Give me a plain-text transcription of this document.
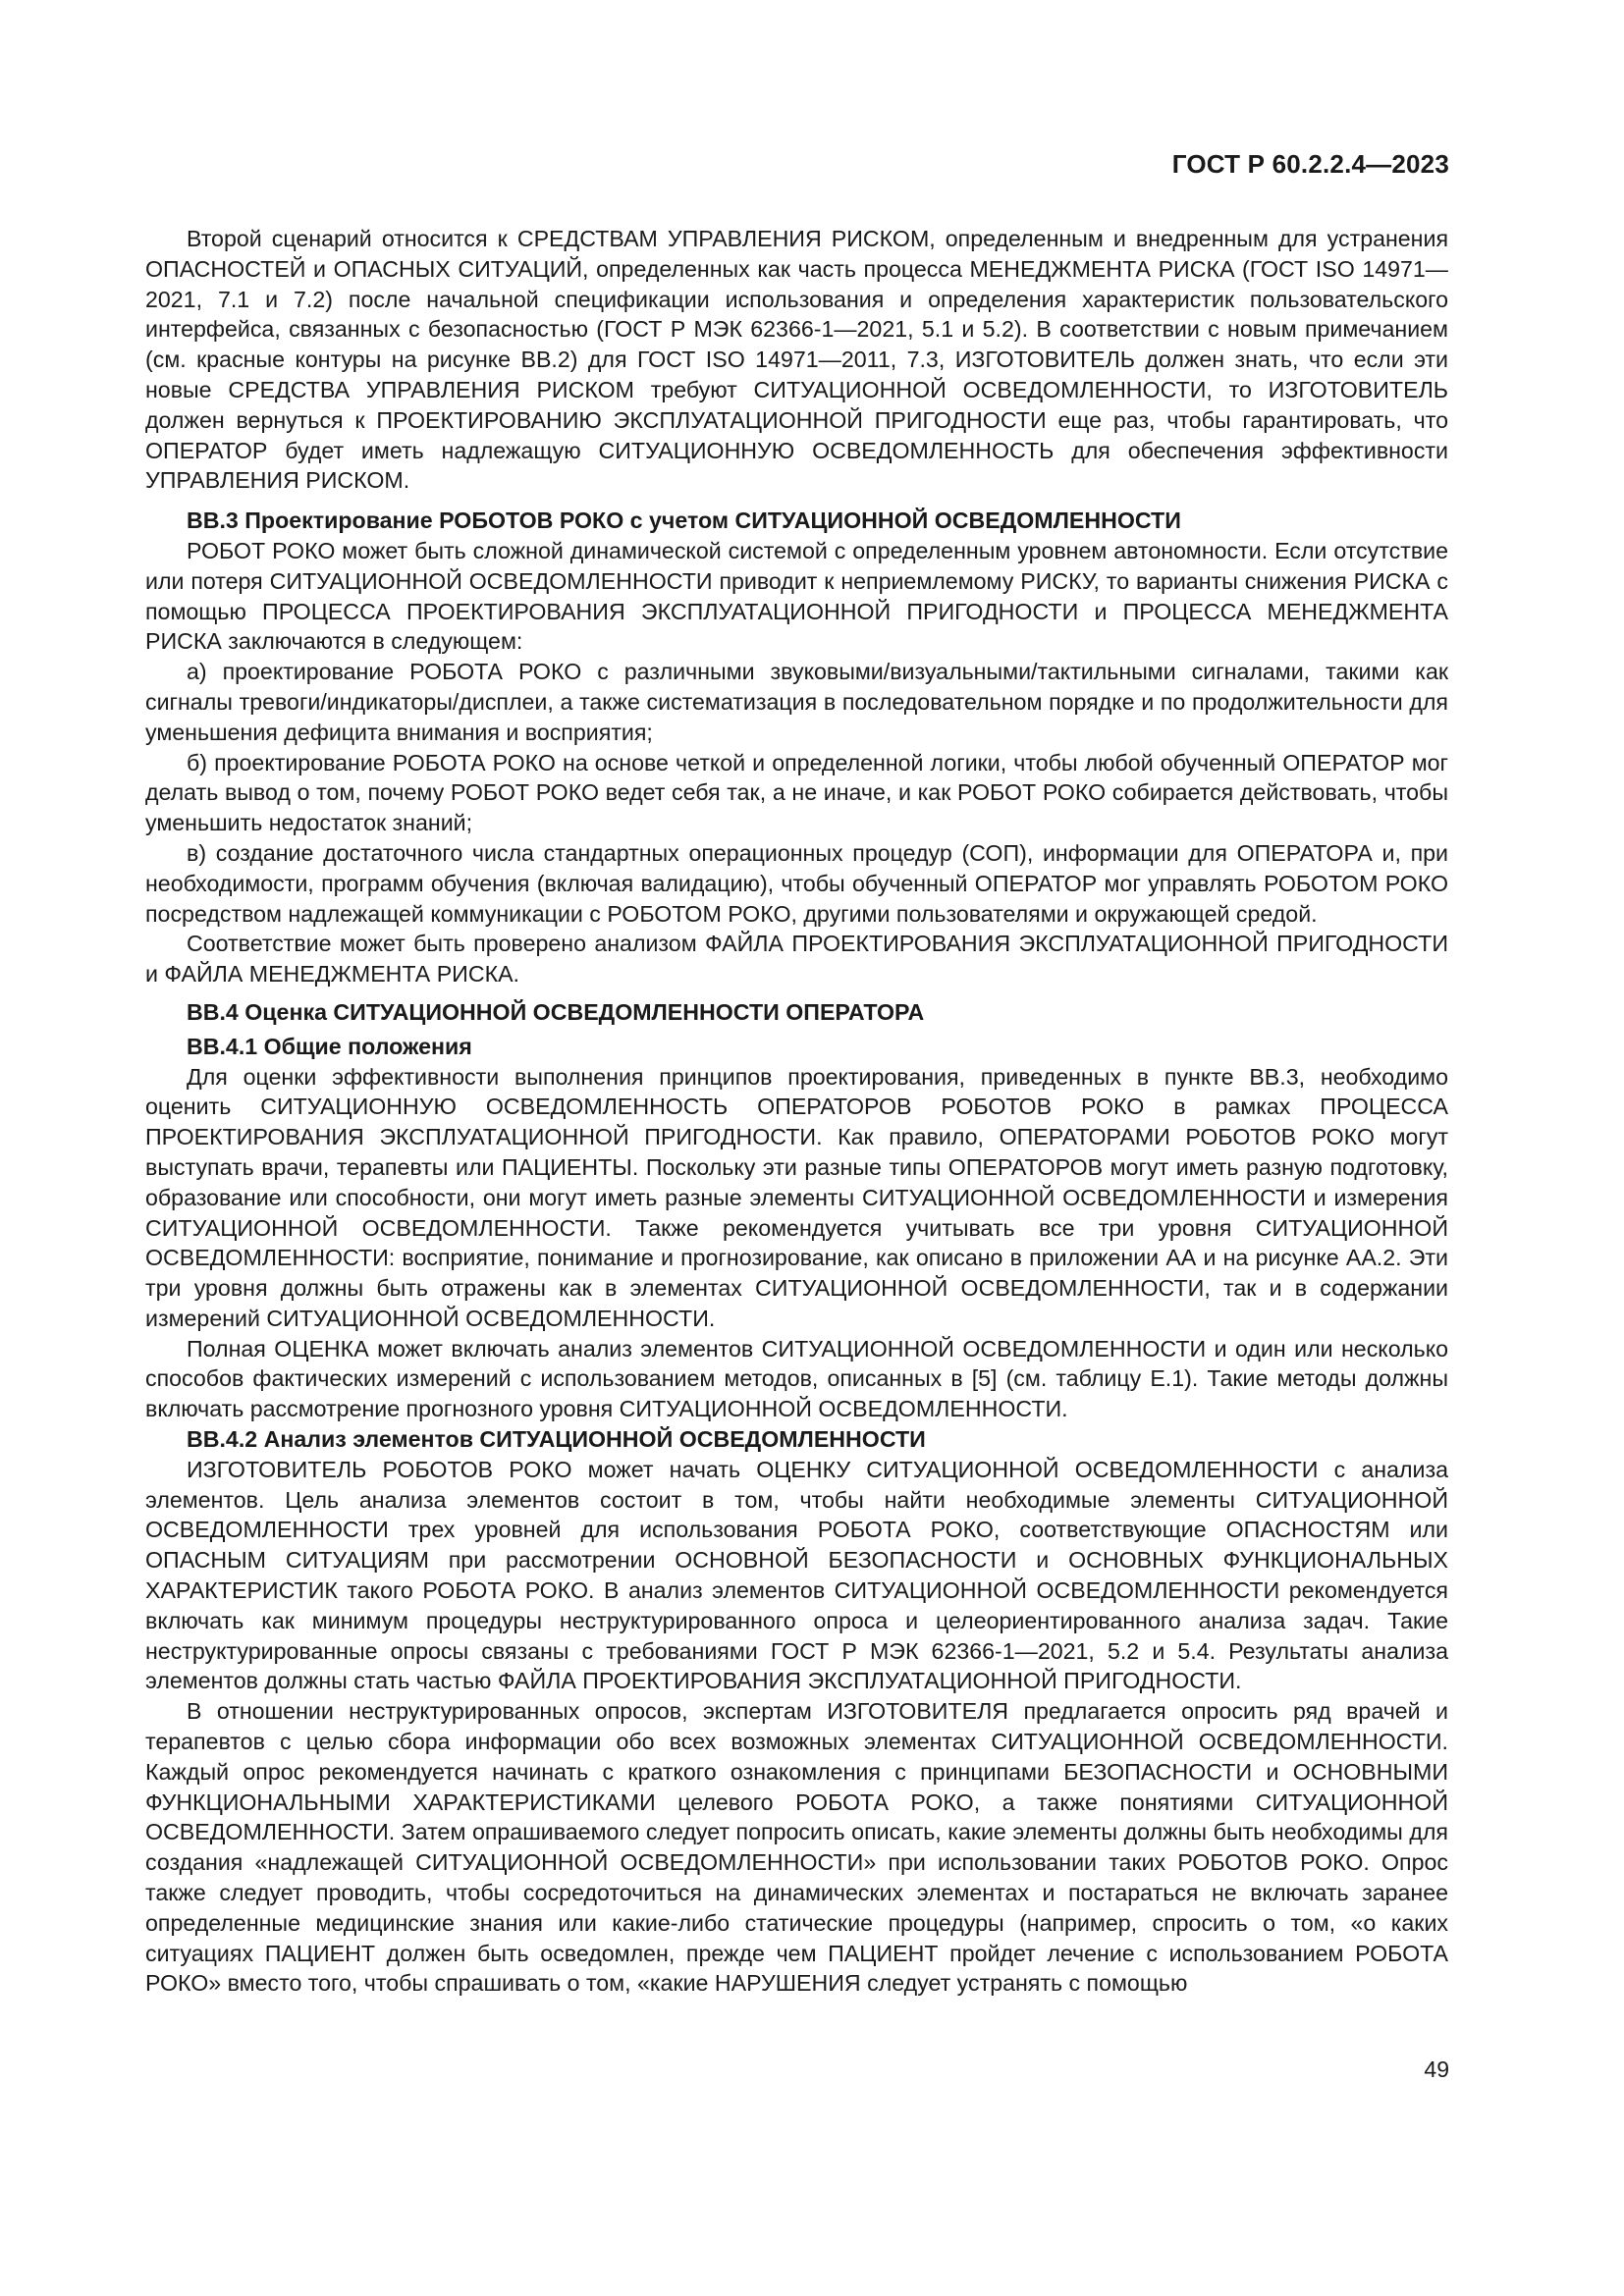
ГОСТ Р 60.2.2.4—2023

Второй сценарий относится к СРЕДСТВАМ УПРАВЛЕНИЯ РИСКОМ, определенным и внедренным для устранения ОПАСНОСТЕЙ и ОПАСНЫХ СИТУАЦИЙ, определенных как часть процесса МЕНЕДЖМЕНТА РИСКА (ГОСТ ISO 14971—2021, 7.1 и 7.2) после начальной спецификации использования и определения характеристик пользовательского интерфейса, связанных с безопасностью (ГОСТ Р МЭК 62366-1—2021, 5.1 и 5.2). В соответствии с новым примечанием (см. красные контуры на рисунке ВВ.2) для ГОСТ ISO 14971—2011, 7.3, ИЗГОТОВИТЕЛЬ должен знать, что если эти новые СРЕДСТВА УПРАВЛЕНИЯ РИСКОМ требуют СИТУАЦИОННОЙ ОСВЕДОМЛЕННОСТИ, то ИЗГОТОВИТЕЛЬ должен вернуться к ПРОЕКТИРОВАНИЮ ЭКСПЛУАТАЦИОННОЙ ПРИГОДНОСТИ еще раз, чтобы гарантировать, что ОПЕРАТОР будет иметь надлежащую СИТУАЦИОННУЮ ОСВЕДОМЛЕННОСТЬ для обеспечения эффективности УПРАВЛЕНИЯ РИСКОМ.

ВВ.3 Проектирование РОБОТОВ РОКО с учетом СИТУАЦИОННОЙ ОСВЕДОМЛЕННОСТИ

РОБОТ РОКО может быть сложной динамической системой с определенным уровнем автономности. Если отсутствие или потеря СИТУАЦИОННОЙ ОСВЕДОМЛЕННОСТИ приводит к неприемлемому РИСКУ, то варианты снижения РИСКА с помощью ПРОЦЕССА ПРОЕКТИРОВАНИЯ ЭКСПЛУАТАЦИОННОЙ ПРИГОДНОСТИ и ПРОЦЕССА МЕНЕДЖМЕНТА РИСКА заключаются в следующем:

а) проектирование РОБОТА РОКО с различными звуковыми/визуальными/тактильными сигналами, такими как сигналы тревоги/индикаторы/дисплеи, а также систематизация в последовательном порядке и по продолжительности для уменьшения дефицита внимания и восприятия;

б) проектирование РОБОТА РОКО на основе четкой и определенной логики, чтобы любой обученный ОПЕРАТОР мог делать вывод о том, почему РОБОТ РОКО ведет себя так, а не иначе, и как РОБОТ РОКО собирается действовать, чтобы уменьшить недостаток знаний;

в) создание достаточного числа стандартных операционных процедур (СОП), информации для ОПЕРАТОРА и, при необходимости, программ обучения (включая валидацию), чтобы обученный ОПЕРАТОР мог управлять РОБОТОМ РОКО посредством надлежащей коммуникации с РОБОТОМ РОКО, другими пользователями и окружающей средой.

Соответствие может быть проверено анализом ФАЙЛА ПРОЕКТИРОВАНИЯ ЭКСПЛУАТАЦИОННОЙ ПРИГОДНОСТИ и ФАЙЛА МЕНЕДЖМЕНТА РИСКА.

ВВ.4 Оценка СИТУАЦИОННОЙ ОСВЕДОМЛЕННОСТИ ОПЕРАТОРА
ВВ.4.1 Общие положения

Для оценки эффективности выполнения принципов проектирования, приведенных в пункте ВВ.3, необходимо оценить СИТУАЦИОННУЮ ОСВЕДОМЛЕННОСТЬ ОПЕРАТОРОВ РОБОТОВ РОКО в рамках ПРОЦЕССА ПРОЕКТИРОВАНИЯ ЭКСПЛУАТАЦИОННОЙ ПРИГОДНОСТИ. Как правило, ОПЕРАТОРАМИ РОБОТОВ РОКО могут выступать врачи, терапевты или ПАЦИЕНТЫ. Поскольку эти разные типы ОПЕРАТОРОВ могут иметь разную подготовку, образование или способности, они могут иметь разные элементы СИТУАЦИОННОЙ ОСВЕДОМЛЕННОСТИ и измерения СИТУАЦИОННОЙ ОСВЕДОМЛЕННОСТИ. Также рекомендуется учитывать все три уровня СИТУАЦИОННОЙ ОСВЕДОМЛЕННОСТИ: восприятие, понимание и прогнозирование, как описано в приложении АА и на рисунке АА.2. Эти три уровня должны быть отражены как в элементах СИТУАЦИОННОЙ ОСВЕДОМЛЕННОСТИ, так и в содержании измерений СИТУАЦИОННОЙ ОСВЕДОМЛЕННОСТИ.

Полная ОЦЕНКА может включать анализ элементов СИТУАЦИОННОЙ ОСВЕДОМЛЕННОСТИ и один или несколько способов фактических измерений с использованием методов, описанных в [5] (см. таблицу Е.1). Такие методы должны включать рассмотрение прогнозного уровня СИТУАЦИОННОЙ ОСВЕДОМЛЕННОСТИ.

ВВ.4.2 Анализ элементов СИТУАЦИОННОЙ ОСВЕДОМЛЕННОСТИ

ИЗГОТОВИТЕЛЬ РОБОТОВ РОКО может начать ОЦЕНКУ СИТУАЦИОННОЙ ОСВЕДОМЛЕННОСТИ с анализа элементов. Цель анализа элементов состоит в том, чтобы найти необходимые элементы СИТУАЦИОННОЙ ОСВЕДОМЛЕННОСТИ трех уровней для использования РОБОТА РОКО, соответствующие ОПАСНОСТЯМ или ОПАСНЫМ СИТУАЦИЯМ при рассмотрении ОСНОВНОЙ БЕЗОПАСНОСТИ и ОСНОВНЫХ ФУНКЦИОНАЛЬНЫХ ХАРАКТЕРИСТИК такого РОБОТА РОКО. В анализ элементов СИТУАЦИОННОЙ ОСВЕДОМЛЕННОСТИ рекомендуется включать как минимум процедуры неструктурированного опроса и целеориентированного анализа задач. Такие неструктурированные опросы связаны с требованиями ГОСТ Р МЭК 62366-1—2021, 5.2 и 5.4. Результаты анализа элементов должны стать частью ФАЙЛА ПРОЕКТИРОВАНИЯ ЭКСПЛУАТАЦИОННОЙ ПРИГОДНОСТИ.

В отношении неструктурированных опросов, экспертам ИЗГОТОВИТЕЛЯ предлагается опросить ряд врачей и терапевтов с целью сбора информации обо всех возможных элементах СИТУАЦИОННОЙ ОСВЕДОМЛЕННОСТИ. Каждый опрос рекомендуется начинать с краткого ознакомления с принципами БЕЗОПАСНОСТИ и ОСНОВНЫМИ ФУНКЦИОНАЛЬНЫМИ ХАРАКТЕРИСТИКАМИ целевого РОБОТА РОКО, а также понятиями СИТУАЦИОННОЙ ОСВЕДОМЛЕННОСТИ. Затем опрашиваемого следует попросить описать, какие элементы должны быть необходимы для создания «надлежащей СИТУАЦИОННОЙ ОСВЕДОМЛЕННОСТИ» при использовании таких РОБОТОВ РОКО. Опрос также следует проводить, чтобы сосредоточиться на динамических элементах и постараться не включать заранее определенные медицинские знания или какие-либо статические процедуры (например, спросить о том, «о каких ситуациях ПАЦИЕНТ должен быть осведомлен, прежде чем ПАЦИЕНТ пройдет лечение с использованием РОБОТА РОКО» вместо того, чтобы спрашивать о том, «какие НАРУШЕНИЯ следует устранять с помощью

49
